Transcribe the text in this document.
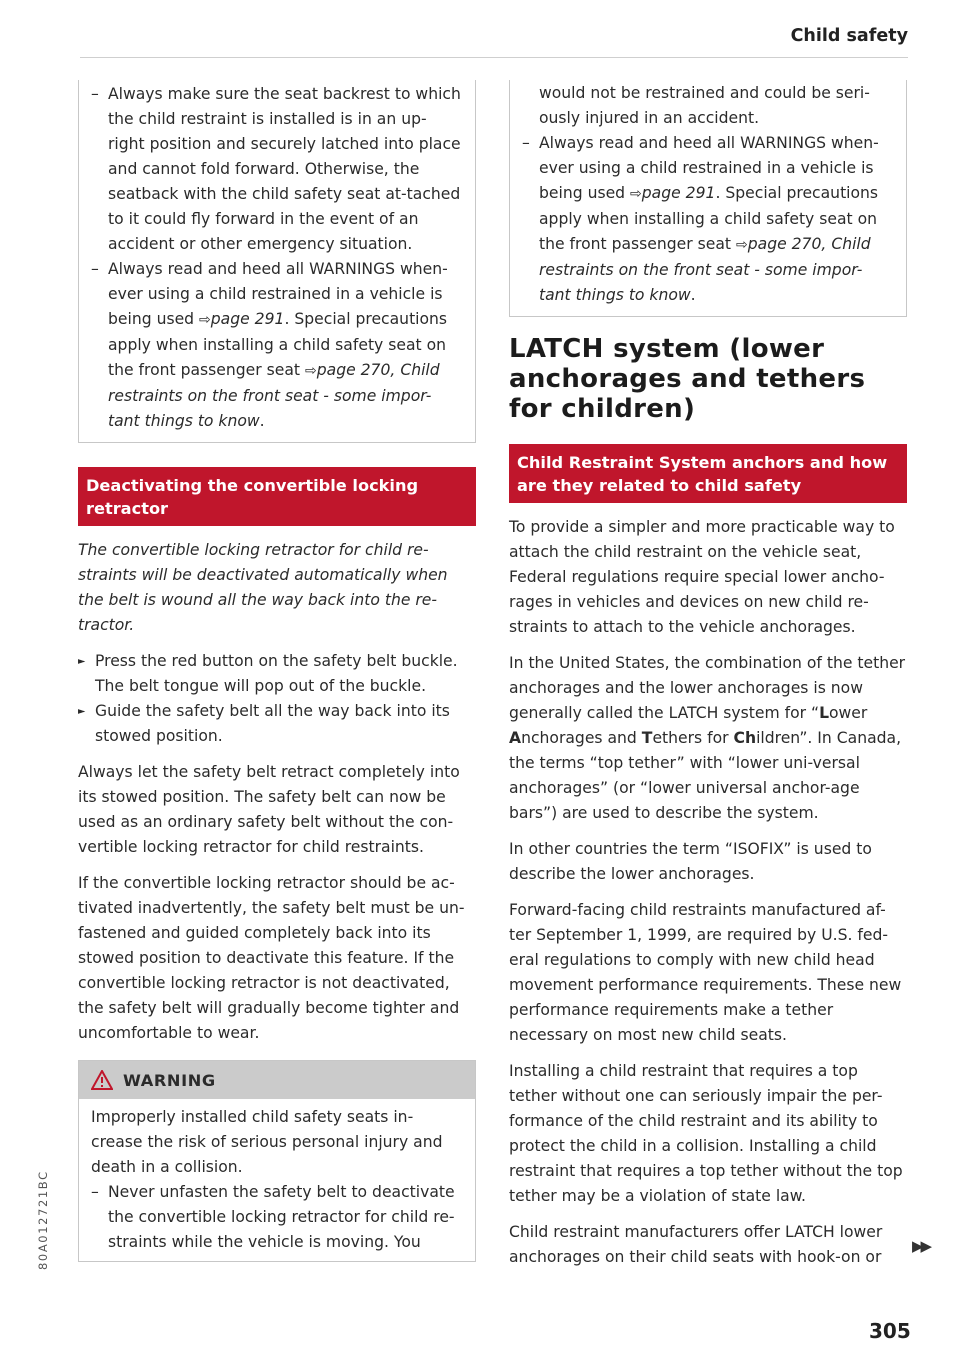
Child safety
– Always make sure the seat backrest to which the child restraint is installed is in an up-right position and securely latched into place and cannot fold forward. Otherwise, the seatback with the child safety seat at-tached to it could fly forward in the event of an accident or other emergency situation.
– Always read and heed all WARNINGS when-ever using a child restrained in a vehicle is being used ⇨page 291. Special precautions apply when installing a child safety seat on the front passenger seat ⇨page 270, Child restraints on the front seat - some impor-tant things to know.
Deactivating the convertible locking retractor
The convertible locking retractor for child re-straints will be deactivated automatically when the belt is wound all the way back into the re-tractor.
► Press the red button on the safety belt buckle. The belt tongue will pop out of the buckle.
► Guide the safety belt all the way back into its stowed position.
Always let the safety belt retract completely into its stowed position. The safety belt can now be used as an ordinary safety belt without the con-vertible locking retractor for child restraints.
If the convertible locking retractor should be ac-tivated inadvertently, the safety belt must be un-fastened and guided completely back into its stowed position to deactivate this feature. If the convertible locking retractor is not deactivated, the safety belt will gradually become tighter and uncomfortable to wear.
WARNING
Improperly installed child safety seats in-crease the risk of serious personal injury and death in a collision.
– Never unfasten the safety belt to deactivate the convertible locking retractor for child re-straints while the vehicle is moving. You
would not be restrained and could be seri-ously injured in an accident.
– Always read and heed all WARNINGS when-ever using a child restrained in a vehicle is being used ⇨page 291. Special precautions apply when installing a child safety seat on the front passenger seat ⇨page 270, Child restraints on the front seat - some impor-tant things to know.
LATCH system (lower anchorages and tethers for children)
Child Restraint System anchors and how are they related to child safety
To provide a simpler and more practicable way to attach the child restraint on the vehicle seat, Federal regulations require special lower ancho-rages in vehicles and devices on new child re-straints to attach to the vehicle anchorages.
In the United States, the combination of the tether anchorages and the lower anchorages is now generally called the LATCH system for “Lower Anchorages and Tethers for Children”. In Canada, the terms “top tether” with “lower uni-versal anchorages” (or “lower universal anchor-age bars”) are used to describe the system.
In other countries the term “ISOFIX” is used to describe the lower anchorages.
Forward-facing child restraints manufactured af-ter September 1, 1999, are required by U.S. fed-eral regulations to comply with new child head movement performance requirements. These new performance requirements make a tether necessary on most new child seats.
Installing a child restraint that requires a top tether without one can seriously impair the per-formance of the child restraint and its ability to protect the child in a collision. Installing a child restraint that requires a top tether without the top tether may be a violation of state law.
Child restraint manufacturers offer LATCH lower anchorages on their child seats with hook-on or
▶▶
305
80A012721BC
